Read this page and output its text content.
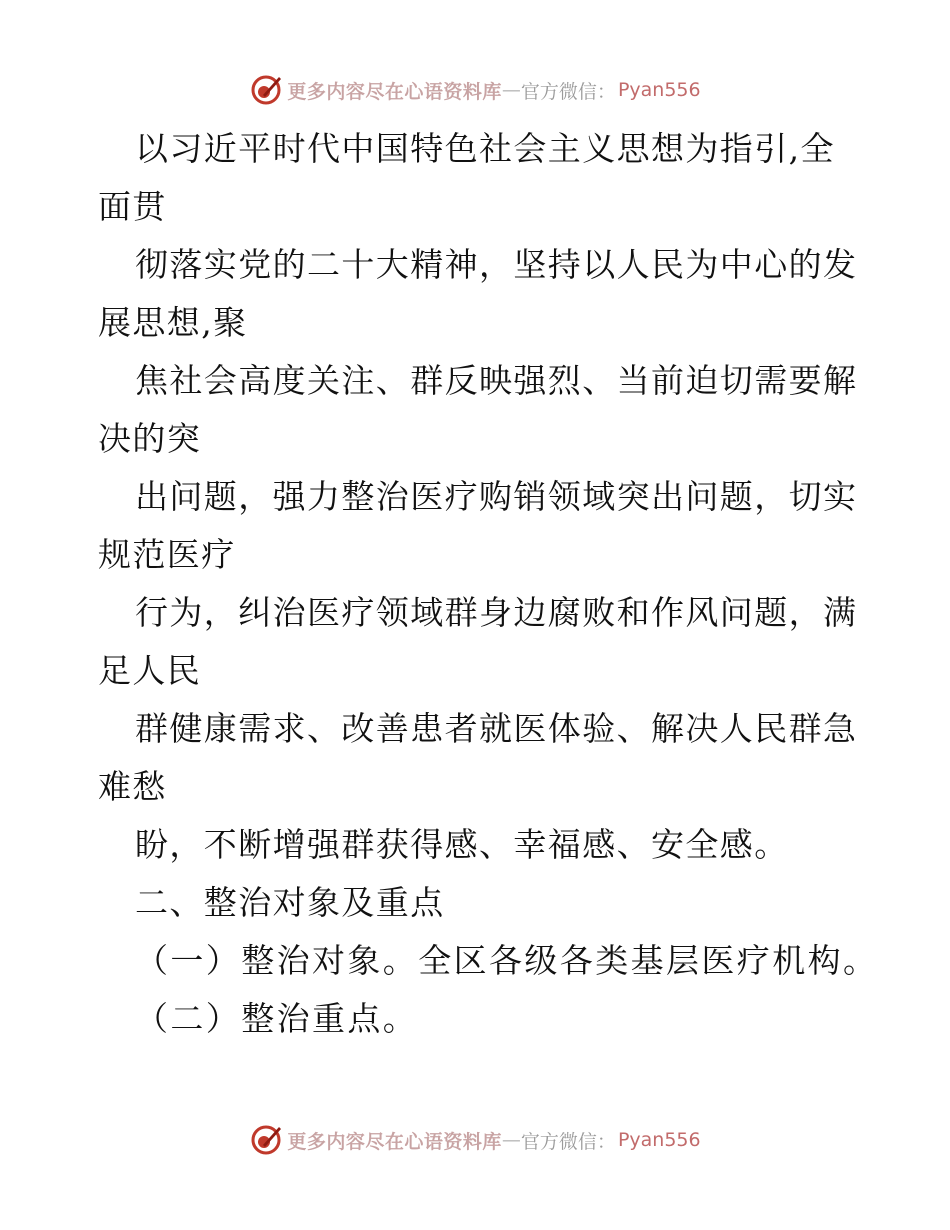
更多内容尽在心语资料库 — 官方微信： Pyan556
以习近平时代中国特色社会主义思想为指引,全
面贯
彻落实党的二十大精神，坚持以人民为中心的发
展思想,聚
焦社会高度关注、群反映强烈、当前迫切需要解
决的突
出问题，强力整治医疗购销领域突出问题，切实
规范医疗
行为，纠治医疗领域群身边腐败和作风问题，满
足人民
群健康需求、改善患者就医体验、解决人民群急
难愁
盼，不断增强群获得感、幸福感、安全感。
二、整治对象及重点
（一）整治对象。全区各级各类基层医疗机构。
（二）整治重点。
更多内容尽在心语资料库 — 官方微信： Pyan556
